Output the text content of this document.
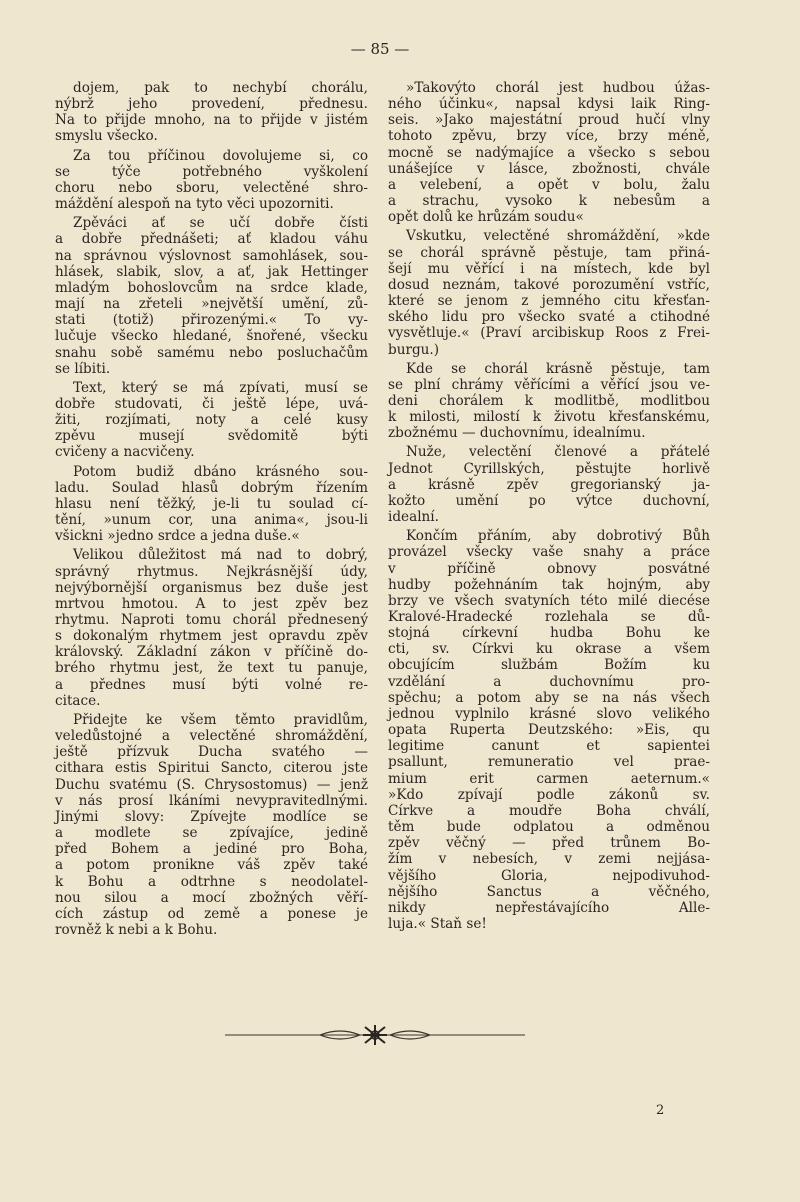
— 85 —
dojem, pak to nechybí chorálu,
nýbrž jeho provedení, přednesu.
Na to přijde mnoho, na to přijde v jistém
smyslu všecko.
Za tou příčinou dovolujeme si, co
se týče potřebného vyškolení
choru nebo sboru, velectěné shro-
máždění alespoň na tyto věci upozorniti.
Zpěváci ať se učí dobře čísti
a dobře přednášeti; ať kladou váhu
na správnou výslovnost samohlásek, sou-
hlásek, slabik, slov, a ať, jak Hettinger
mladým bohoslovcům na srdce klade,
mají na zřeteli »největší umění, zů-
stati (totiž) přirozenými.« To vy-
lučuje všecko hledané, šnořené, všecku
snahu sobě samému nebo posluchačům
se líbiti.
Text, který se má zpívati, musí se
dobře studovati, či ještě lépe, uvá-
žiti, rozjímati, noty a celé kusy
zpěvu musejí svědomitě býti
cvičeny a nacvičeny.
Potom budiž dbáno krásného sou-
ladu. Soulad hlasů dobrým řízením
hlasu není těžký, je-li tu soulad cí-
tění, »unum cor, una anima«, jsou-li
všickni »jedno srdce a jedna duše.«
Velikou důležitost má nad to dobrý,
správný rhytmus. Nejkrásnější údy,
nejvýbornější organismus bez duše jest
mrtvou hmotou. A to jest zpěv bez
rhytmu. Naproti tomu chorál přednesený
s dokonalým rhytmem jest opravdu zpěv
královský. Základní zákon v příčině do-
brého rhytmu jest, že text tu panuje,
a přednes musí býti volné re-
citace.
Přidejte ke všem těmto pravidlům,
veledůstojné a velectěné shromáždění,
ještě přízvuk Ducha svatého —
cithara estis Spiritui Sancto, citerou jste
Duchu svatému (S. Chrysostomus) — jenž
v nás prosí lkáními nevypravitedlnými.
Jinými slovy: Zpívejte modlíce se
a modlete se zpívajíce, jedině
před Bohem a jediné pro Boha,
a potom pronikne váš zpěv také
k Bohu a odtrhne s neodolatel-
nou silou a mocí zbožných věří-
cích zástup od země a ponese je
rovněž k nebi a k Bohu.
»Takovýto chorál jest hudbou úžas-
ného účinku«, napsal kdysi laik Ring-
seis. »Jako majestátní proud hučí vlny
tohoto zpěvu, brzy více, brzy méně,
mocně se nadýmajíce a všecko s sebou
unášejíce v lásce, zbožnosti, chvále
a velebení, a opět v bolu, žalu
a strachu, vysoko k nebesům a
opět dolů ke hrůzám soudu«
Vskutku, velectěné shromáždění, »kde
se chorál správně pěstuje, tam přiná-
šejí mu věřící i na místech, kde byl
dosud neznám, takové porozumění vstříc,
které se jenom z jemného citu křesťan-
ského lidu pro všecko svaté a ctihodné
vysvětluje.« (Praví arcibiskup Roos z Frei-
burgu.)
Kde se chorál krásně pěstuje, tam
se plní chrámy věřícími a věřící jsou ve-
deni chorálem k modlitbě, modlitbou
k milosti, milostí k životu křesťanskému,
zbožnému — duchovnímu, idealnímu.
Nuže, velectění členové a přátelé
Jednot Cyrillských, pěstujte horlivě
a krásně zpěv gregorianský ja-
kožto umění po výtce duchovní,
idealní.
Končím přáním, aby dobrotivý Bůh
provázel všecky vaše snahy a práce
v příčině obnovy posvátné
hudby požehnáním tak hojným, aby
brzy ve všech svatyních této milé diecése
Kralové-Hradecké rozlehala se dů-
stojná církevní hudba Bohu ke
cti, sv. Církvi ku okrase a všem
obcujícím službám Božím ku
vzdělání a duchovnímu pro-
spěchu; a potom aby se na nás všech
jednou vyplnilo krásné slovo velikého
opata Ruperta Deutzského: »Eis, qu
legitime canunt et sapientei
psallunt, remuneratio vel prae-
mium erit carmen aeternum.«
»Kdo zpívají podle zákonů sv.
Církve a moudře Boha chválí,
těm bude odplatou a odměnou
zpěv věčný — před trůnem Bo-
žím v nebesích, v zemi nejjása-
vějšího Gloria, nejpodivuhod-
nějšího Sanctus a věčného,
nikdy nepřestávajícího Alle-
luja.« Staň se!
2
